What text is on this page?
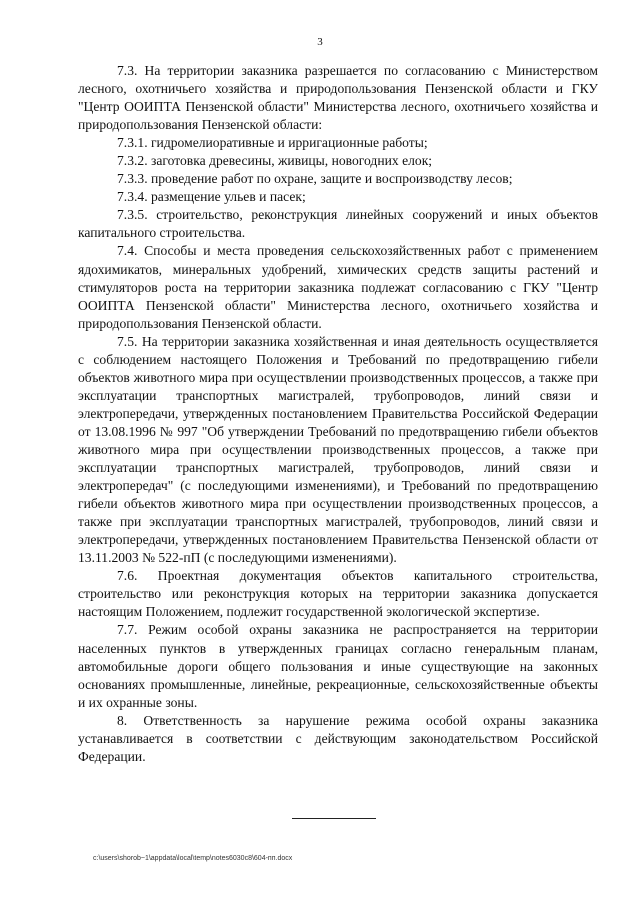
3

7.3. На территории заказника разрешается по согласованию с Министерством лесного, охотничьего хозяйства и природопользования Пензенской области и ГКУ "Центр ООИПТА Пензенской области" Министерства лесного, охотничьего хозяйства и природопользования Пензенской области:

7.3.1. гидромелиоративные и ирригационные работы;

7.3.2. заготовка древесины, живицы, новогодних елок;

7.3.3. проведение работ по охране, защите и воспроизводству лесов;

7.3.4. размещение ульев и пасек;

7.3.5. строительство, реконструкция линейных сооружений и иных объектов капитального строительства.

7.4. Способы и места проведения сельскохозяйственных работ с применением ядохимикатов, минеральных удобрений, химических средств защиты растений и стимуляторов роста на территории заказника подлежат согласованию с ГКУ "Центр ООИПТА Пензенской области" Министерства лесного, охотничьего хозяйства и природопользования Пензенской области.

7.5. На территории заказника хозяйственная и иная деятельность осуществляется с соблюдением настоящего Положения и Требований по предотвращению гибели объектов животного мира при осуществлении производственных процессов, а также при эксплуатации транспортных магистралей, трубопроводов, линий связи и электропередачи, утвержденных постановлением Правительства Российской Федерации от 13.08.1996 № 997 "Об утверждении Требований по предотвращению гибели объектов животного мира при осуществлении производственных процессов, а также при эксплуатации транспортных магистралей, трубопроводов, линий связи и электропередач" (с последующими изменениями), и Требований по предотвращению гибели объектов животного мира при осуществлении производственных процессов, а также при эксплуатации транспортных магистралей, трубопроводов, линий связи и электропередачи, утвержденных постановлением Правительства Пензенской области от 13.11.2003 № 522-пП (с последующими изменениями).

7.6. Проектная документация объектов капитального строительства, строительство или реконструкция которых на территории заказника допускается настоящим Положением, подлежит государственной экологической экспертизе.

7.7. Режим особой охраны заказника не распространяется на территории населенных пунктов в утвержденных границах согласно генеральным планам, автомобильные дороги общего пользования и иные существующие на законных основаниях промышленные, линейные, рекреационные, сельскохозяйственные объекты и их охранные зоны.

8. Ответственность за нарушение режима особой охраны заказника устанавливается в соответствии с действующим законодательством Российской Федерации.

c:\users\shorob~1\appdata\local\temp\notes6030c8\604-пп.docx
